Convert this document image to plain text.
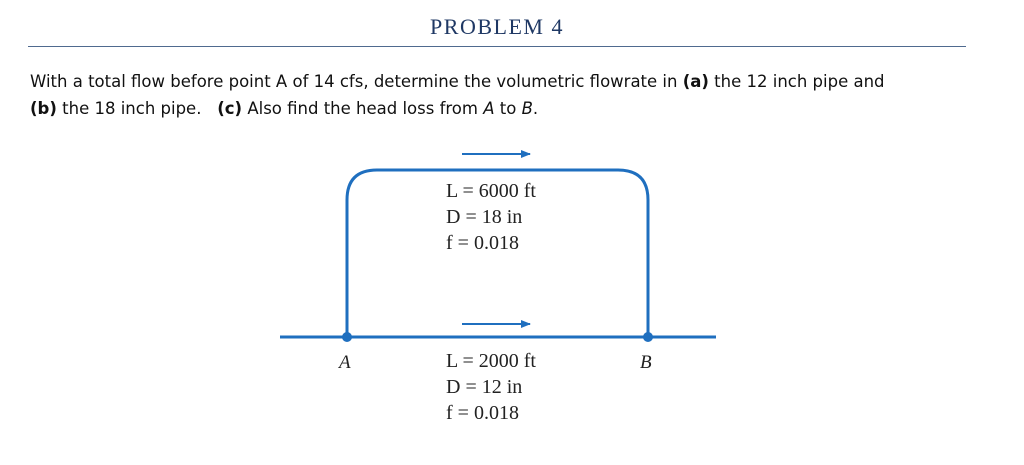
PROBLEM 4
With a total flow before point A of 14 cfs, determine the volumetric flowrate in (a) the 12 inch pipe and
(b) the 18 inch pipe.   (c) Also find the head loss from A to B.
L = 6000 ft
D = 18 in
f = 0.018
L = 2000 ft
D = 12 in
f = 0.018
A	B
